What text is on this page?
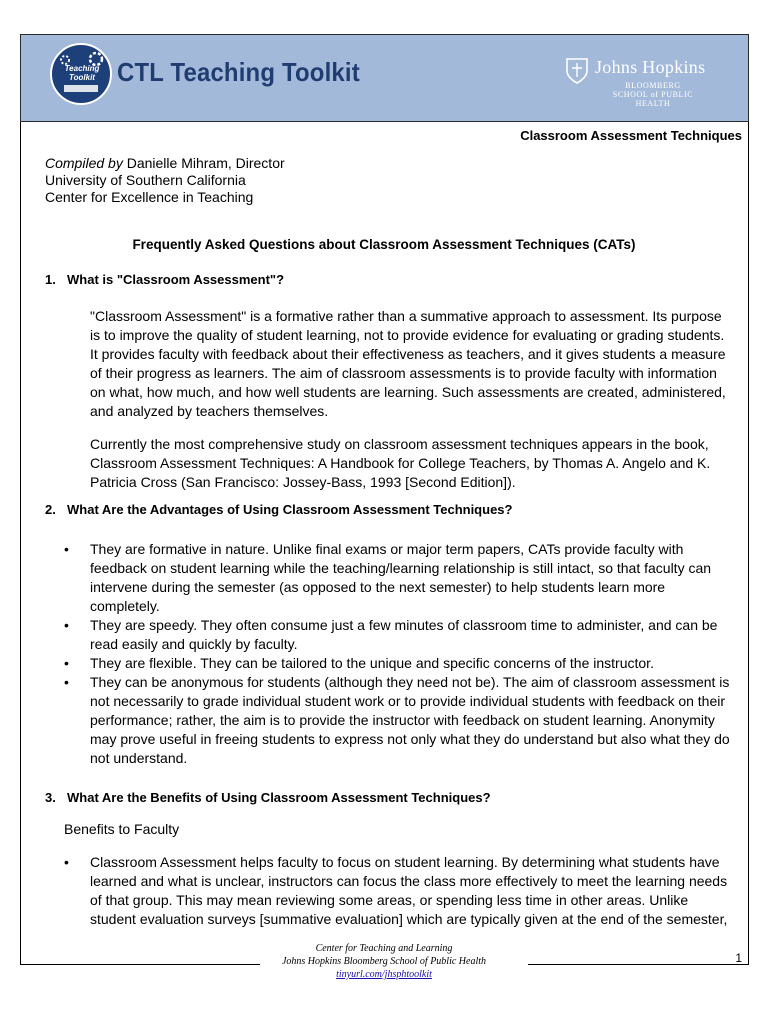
Teaching Toolkit CTL Teaching Toolkit	Johns Hopkins
BLOOMBERG SCHOOL of PUBLIC HEALTH
Classroom Assessment Techniques
Compiled by Danielle Mihram, Director
University of Southern California
Center for Excellence in Teaching
Frequently Asked Questions about Classroom Assessment Techniques (CATs)
1. What is "Classroom Assessment"?
"Classroom Assessment" is a formative rather than a summative approach to assessment. Its purpose is to improve the quality of student learning, not to provide evidence for evaluating or grading students. It provides faculty with feedback about their effectiveness as teachers, and it gives students a measure of their progress as learners. The aim of classroom assessments is to provide faculty with information on what, how much, and how well students are learning. Such assessments are created, administered, and analyzed by teachers themselves.
Currently the most comprehensive study on classroom assessment techniques appears in the book, Classroom Assessment Techniques: A Handbook for College Teachers, by Thomas A. Angelo and K. Patricia Cross (San Francisco: Jossey-Bass, 1993 [Second Edition]).
2. What Are the Advantages of Using Classroom Assessment Techniques?
• They are formative in nature. Unlike final exams or major term papers, CATs provide faculty with feedback on student learning while the teaching/learning relationship is still intact, so that faculty can intervene during the semester (as opposed to the next semester) to help students learn more completely.
• They are speedy. They often consume just a few minutes of classroom time to administer, and can be read easily and quickly by faculty.
• They are flexible. They can be tailored to the unique and specific concerns of the instructor.
• They can be anonymous for students (although they need not be). The aim of classroom assessment is not necessarily to grade individual student work or to provide individual students with feedback on their performance; rather, the aim is to provide the instructor with feedback on student learning. Anonymity may prove useful in freeing students to express not only what they do understand but also what they do not understand.
3. What Are the Benefits of Using Classroom Assessment Techniques?
Benefits to Faculty
• Classroom Assessment helps faculty to focus on student learning. By determining what students have learned and what is unclear, instructors can focus the class more effectively to meet the learning needs of that group. This may mean reviewing some areas, or spending less time in other areas. Unlike student evaluation surveys [summative evaluation] which are typically given at the end of the semester,
Center for Teaching and Learning
Johns Hopkins Bloomberg School of Public Health
tinyurl.com/jhsphtoolkit
1
